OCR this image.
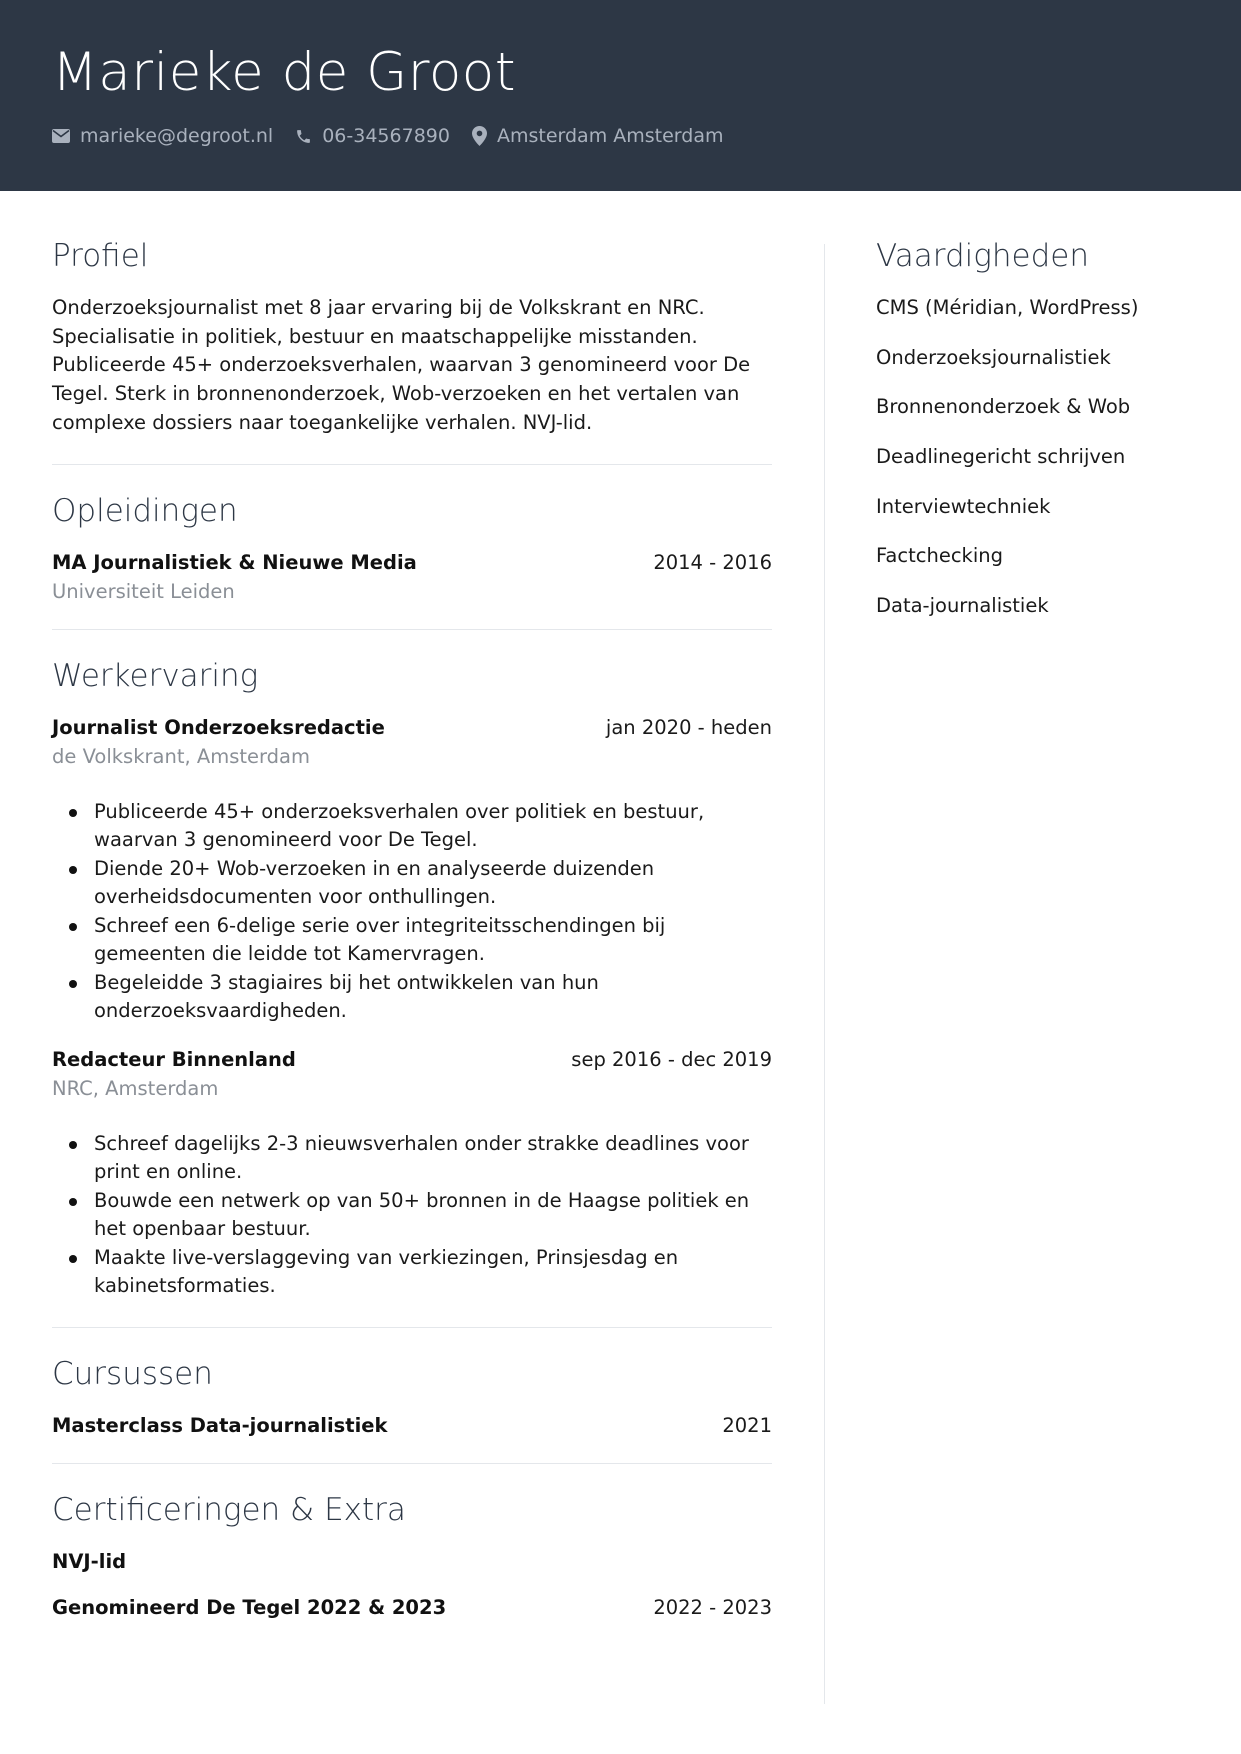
Marieke de Groot
marieke@degroot.nl	06-34567890 Amsterdam Amsterdam
Profiel

Onderzoeksjournalist met 8 jaar ervaring bij de Volkskrant en NRC. Specialisatie in politiek, bestuur en maatschappelijke misstanden. Publiceerde 45+ onderzoeksverhalen, waarvan 3 genomineerd voor De Tegel. Sterk in bronnenonderzoek, Wob-verzoeken en het vertalen van complexe dossiers naar toegankelijke verhalen. NVJ-lid.

Opleidingen
MA Journalistiek & Nieuwe Media	2014 - 2016
Universiteit Leiden
Werkervaring
Journalist Onderzoeksredactie	jan 2020 - heden
de Volkskrant, Amsterdam
Publiceerde 45+ onderzoeksverhalen over politiek en bestuur, waarvan 3 genomineerd voor De Tegel.
Diende 20+ Wob-verzoeken in en analyseerde duizenden overheidsdocumenten voor onthullingen.
Schreef een 6-delige serie over integriteitsschendingen bij gemeenten die leidde tot Kamervragen.
Begeleidde 3 stagiaires bij het ontwikkelen van hun onderzoeksvaardigheden.
Redacteur Binnenland	sep 2016 - dec 2019
NRC, Amsterdam
Schreef dagelijks 2-3 nieuwsverhalen onder strakke deadlines voor print en online.
Bouwde een netwerk op van 50+ bronnen in de Haagse politiek en het openbaar bestuur.
Maakte live-verslaggeving van verkiezingen, Prinsjesdag en kabinetsformaties.
Cursussen
Masterclass Data-journalistiek	2021
Certificeringen & Extra
NVJ-lid
Genomineerd De Tegel 2022 & 2023	2022 - 2023
Vaardigheden
CMS (Méridian, WordPress)
Onderzoeksjournalistiek
Bronnenonderzoek & Wob
Deadlinegericht schrijven
Interviewtechniek
Factchecking
Data-journalistiek
